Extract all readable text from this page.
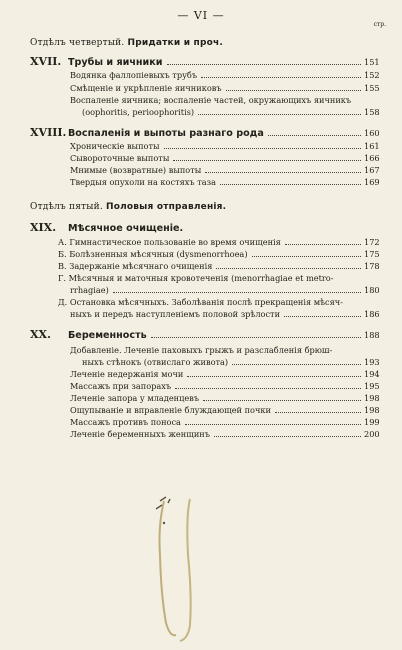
— VI —
стр.
Отдѣлъ четвертый. Придатки и проч.
XVII. Трубы и яичники	151
Водянка фаллопіевыхъ трубъ	152
Смѣщеніе и укрѣпленіе яичниковъ	155
Воспаленіе яичника; воспаленіе частей, окружающихъ яичникъ
(oophoritis, perioophoritis)	158
XVIII. Воспаленія и выпоты разнаго рода	160
Хроническіе выпоты	161
Сывороточные выпоты	166
Мнимые (возвратные) выпоты	167
Твердыя опухоли на костяхъ таза	169
Отдѣлъ пятый. Половыя отправленія.
XIX.	Мѣсячное очищеніе.
А. Гимнастическое пользованіе во время очищенія	172
Б. Болѣзненныя мѣсячныя (dysmenorrhoea)	175
В. Задержаніе мѣсячнаго очищенія	178
Г. Мѣсячныя и маточныя кровотеченія (menorrhagiae et metro-
rrhagiae)	180
Д. Остановка мѣсячныхъ. Заболѣванія послѣ прекращенія мѣсяч-
ныхъ и передъ наступленіемъ половой зрѣлости	186
XX.	Беременность	188
Добавленіе. Леченіе паховыхъ грыжъ и разслабленія брюш-
ныхъ стѣнокъ (отвислаго живота)	193
Леченіе недержанія мочи	194
Массажъ при запорахъ	195
Леченіе запора у младенцевъ	198
Ощупываніе и вправленіе блуждающей почки	198
Массажъ противъ поноса	199
Леченіе беременныхъ женщинъ	200
